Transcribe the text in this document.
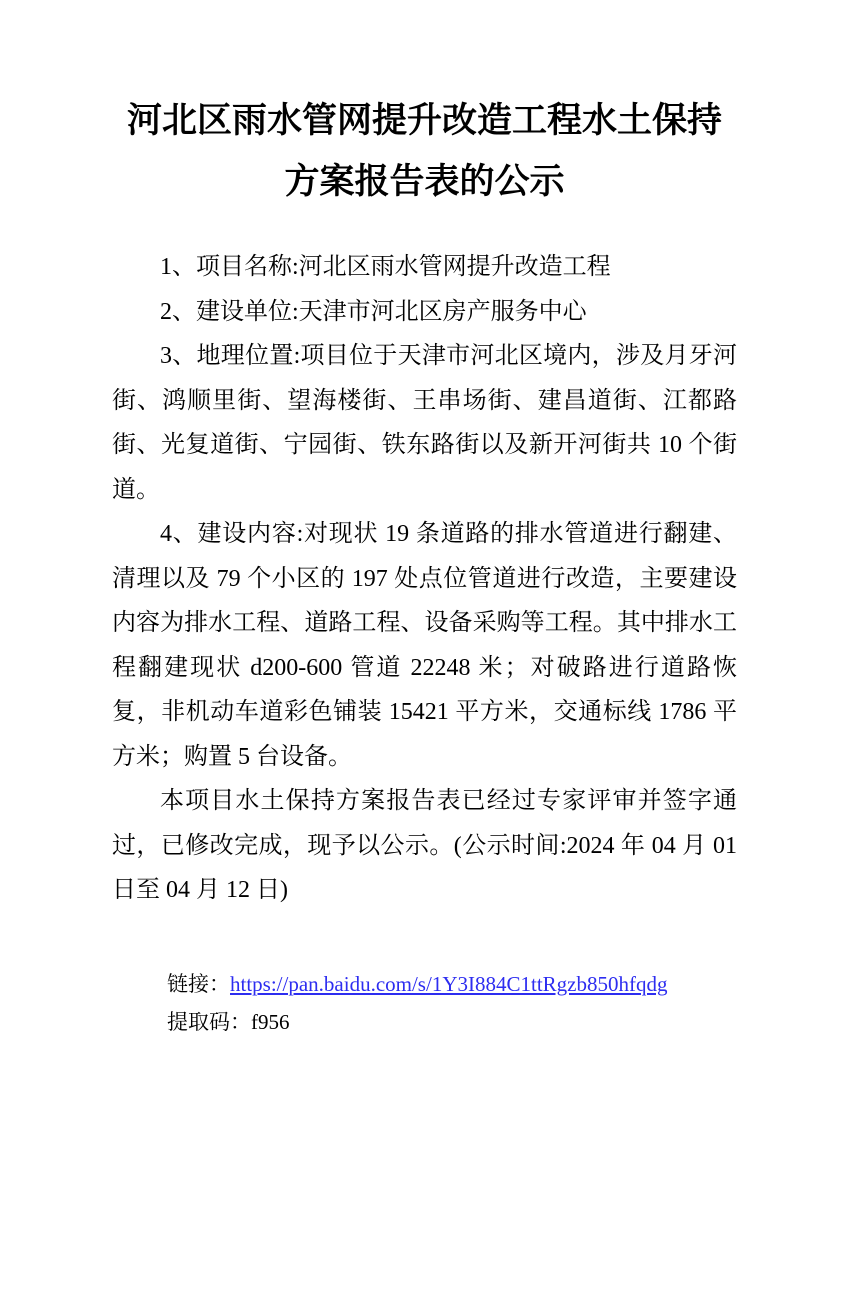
河北区雨水管网提升改造工程水土保持
方案报告表的公示

1、项目名称:河北区雨水管网提升改造工程

2、建设单位:天津市河北区房产服务中心

3、地理位置:项目位于天津市河北区境内，涉及月牙河街、鸿顺里街、望海楼街、王串场街、建昌道街、江都路街、光复道街、宁园街、铁东路街以及新开河街共 10 个街道。

4、建设内容:对现状 19 条道路的排水管道进行翻建、清理以及 79 个小区的 197 处点位管道进行改造，主要建设内容为排水工程、道路工程、设备采购等工程。其中排水工程翻建现状 d200-600 管道 22248 米；对破路进行道路恢复，非机动车道彩色铺装 15421 平方米，交通标线 1786 平方米；购置 5 台设备。

本项目水土保持方案报告表已经过专家评审并签字通过，已修改完成，现予以公示。(公示时间:2024 年 04 月 01 日至 04 月 12 日)

链接：https://pan.baidu.com/s/1Y3I884C1ttRgzb850hfqdg
提取码：f956
